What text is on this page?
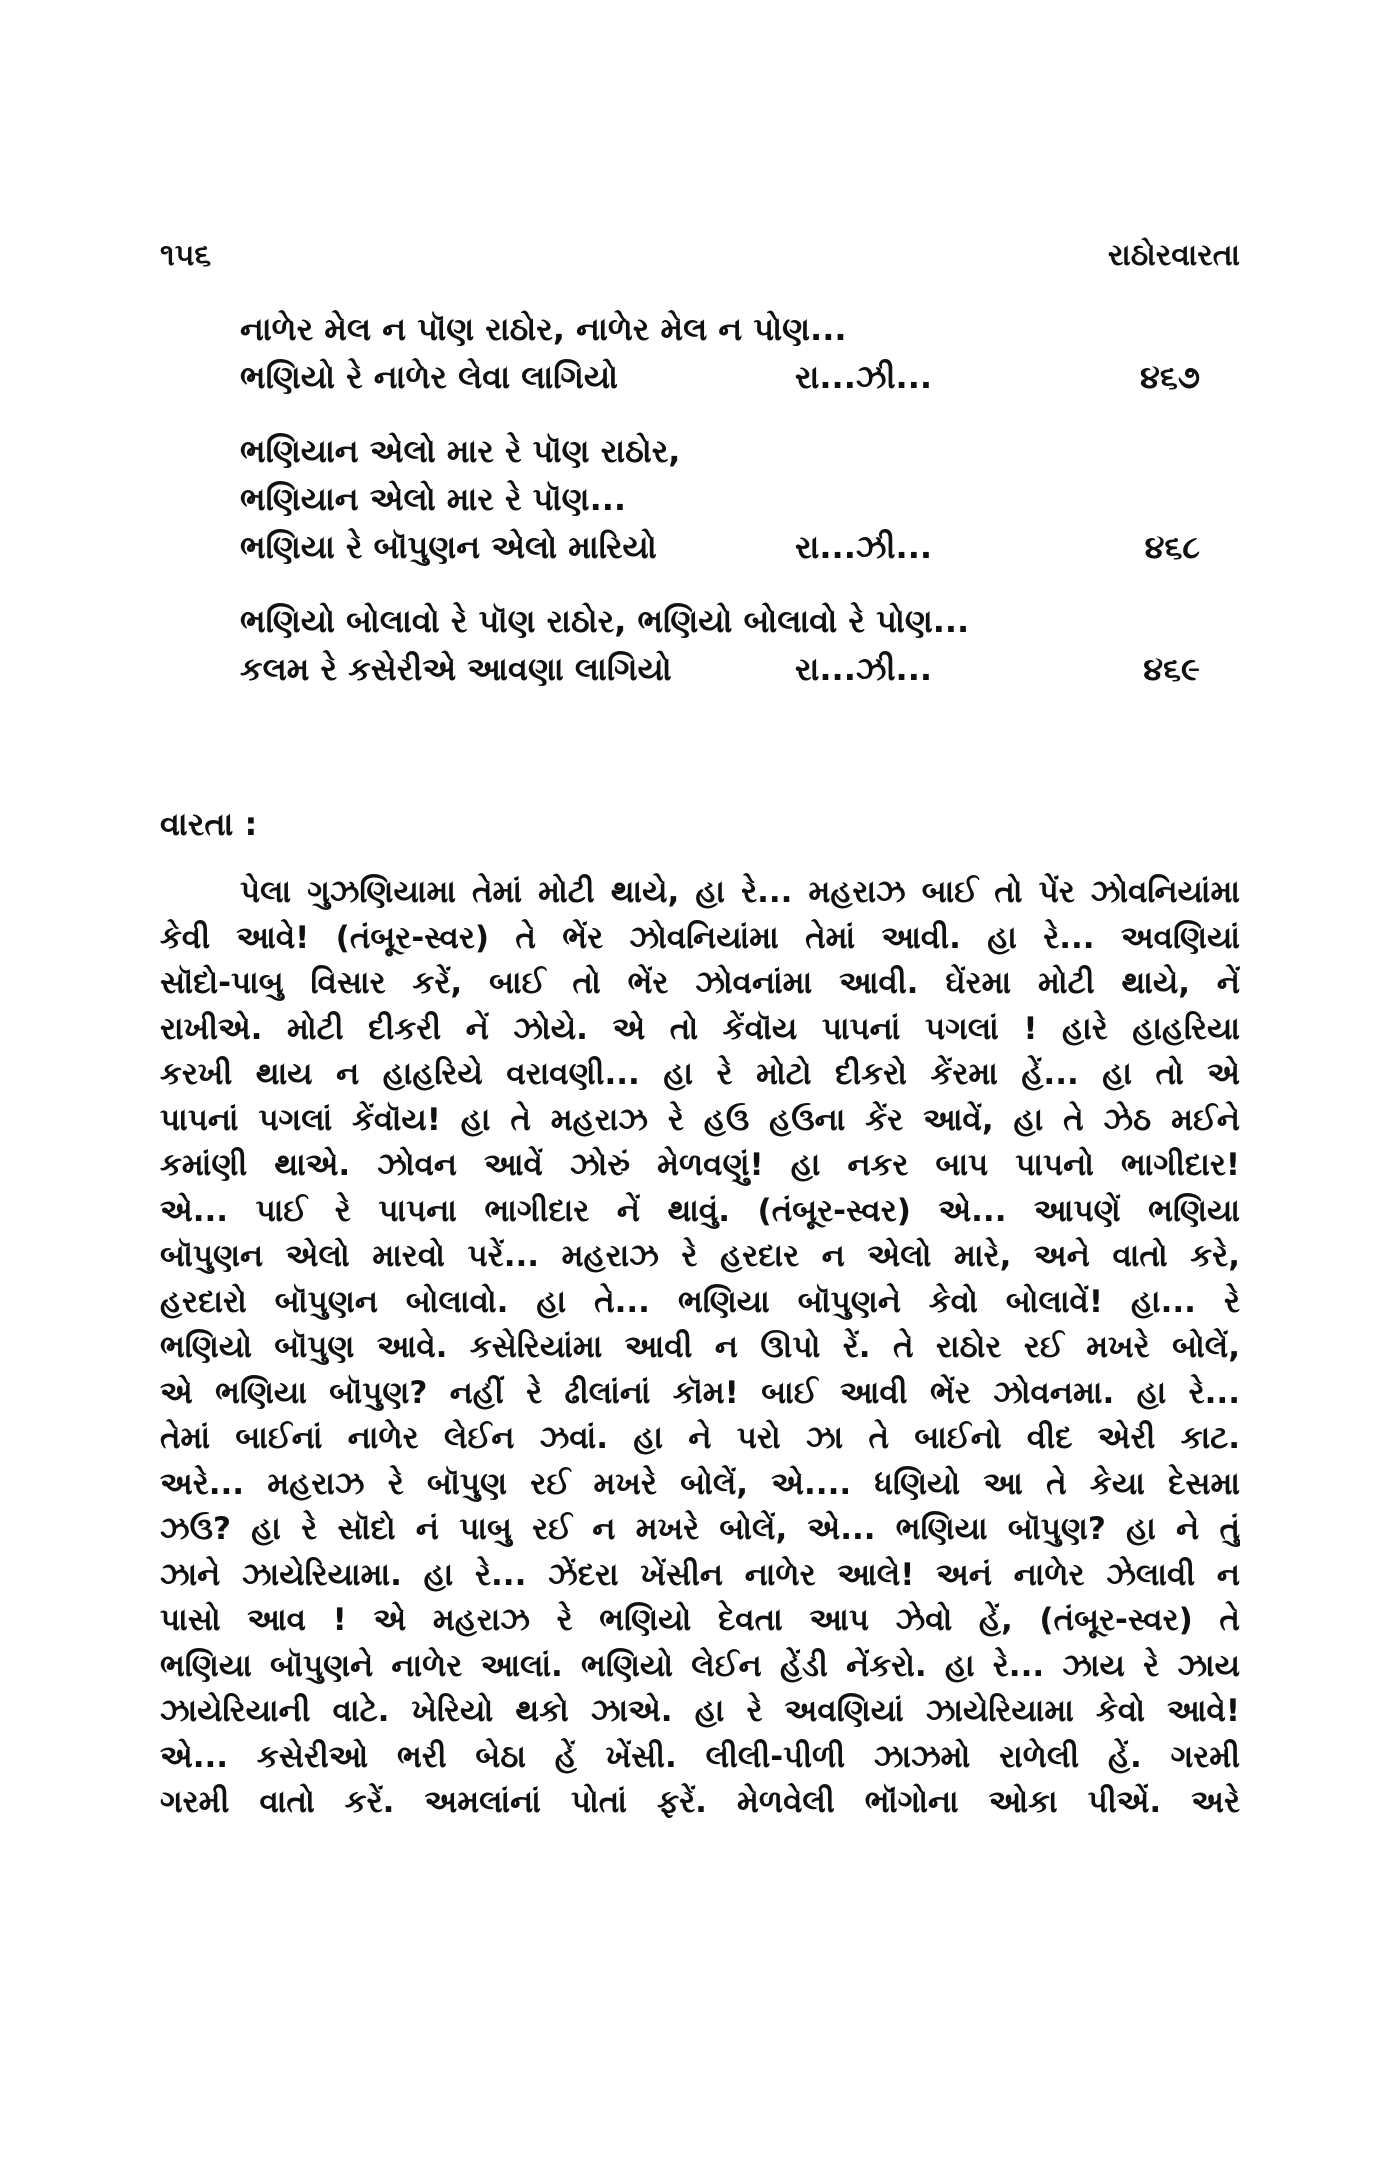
૧૫૬	રાઠોરવારતા
નાળેર મેલ ન પૉણ રાઠોર, નાળેર મેલ ન પોણ...
ભણિયો રે નાળેર લેવા લાગિયો	રા...ઝી...	૪૬૭
ભણિયાન એલો માર રે પૉણ રાઠોર,
ભણિયાન એલો માર રે પૉણ...
ભણિયા રે બૉપુણન એલો મારિયો	રા...ઝી...	૪૬૮
ભણિયો બોલાવો રે પૉણ રાઠોર, ભણિયો બોલાવો રે પોણ...
કલમ રે કસેરીએ આવણા લાગિયો	રા...ઝી...	૪૬૯
વારતા :
પેલા ગુઝણિયામા તેમાં મોટી થાયે, હા રે... મહરાઝ બાઈ તો પેંર ઝોવનિયાંમા
કેવી આવે! (તંબૂર-સ્વર) તે ભેંર ઝોવનિયાંમા તેમાં આવી. હા રે... અવણિયાં
સૉદો-પાબુ વિસાર કરેં, બાઈ તો ભેંર ઝોવનાંમા આવી. ઘેંરમા મોટી થાયે, નેં
રાખીએ. મોટી દીકરી નેં ઝોયે. એ તો કેંવૉય પાપનાં પગલાં ! હારે હાહરિયા
કરખી થાય ન હાહરિયે વરાવણી... હા રે મોટો દીકરો કેંરમા હેં... હા તો એ
પાપનાં પગલાં કેંવૉય! હા તે મહરાઝ રે હઉ હઉના કેંર આવેં, હા તે ઝેઠ મઈને
કમાંણી થાએ. ઝોવન આવેં ઝોરું મેળવણું! હા નકર બાપ પાપનો ભાગીદાર!
એ... પાઈ રે પાપના ભાગીદાર નેં થાવું. (તંબૂર-સ્વર) એ... આપણેં ભણિયા
બૉપુણન એલો મારવો પરેં... મહરાઝ રે હરદાર ન એલો મારે, અને વાતો કરે,
હરદારો બૉપુણન બોલાવો. હા તે... ભણિયા બૉપુણને કેવો બોલાવેં! હા... રે
ભણિયો બૉપુણ આવે. કસેરિયાંમા આવી ન ઊપો રેં. તે રાઠોર રઈ મખરે બોલેં,
એ ભણિયા બૉપુણ? નહીં રે ઢીલાંનાં કૉમ! બાઈ આવી ભેંર ઝોવનમા. હા રે...
તેમાં બાઈનાં નાળેર લેઈન ઝવાં. હા ને પરો ઝા તે બાઈનો વીદ એરી કાટ.
અરે... મહરાઝ રે બૉપુણ રઈ મખરે બોલેં, એ.... ધણિયો આ તે કેયા દેસમા
ઝઉ? હા રે સૉદો નં પાબુ રઈ ન મખરે બોલેં, એ... ભણિયા બૉપુણ? હા ને તું
ઝાને ઝાયેરિયામા. હા રે... ઝેંદરા ખેંસીન નાળેર આલે! અનં નાળેર ઝેલાવી ન
પાસો આવ ! એ મહરાઝ રે ભણિયો દેવતા આપ ઝેવો હેં, (તંબૂર-સ્વર) તે
ભણિયા બૉપુણને નાળેર આલાં. ભણિયો લેઈન હેંડી નેંકરો. હા રે... ઝાય રે ઝાય
ઝાયેરિયાની વાટે. ખેરિયો થકો ઝાએ. હા રે અવણિયાં ઝાયેરિયામા કેવો આવે!
એ... કસેરીઓ ભરી બેઠા હેં ખેંસી. લીલી-પીળી ઝાઝમો રાળેલી હેં. ગરમી
ગરમી વાતો કરેં. અમલાંનાં પોતાં ફરેં. મેળવેલી ભૉંગોના ઓકા પીએં. અરે
